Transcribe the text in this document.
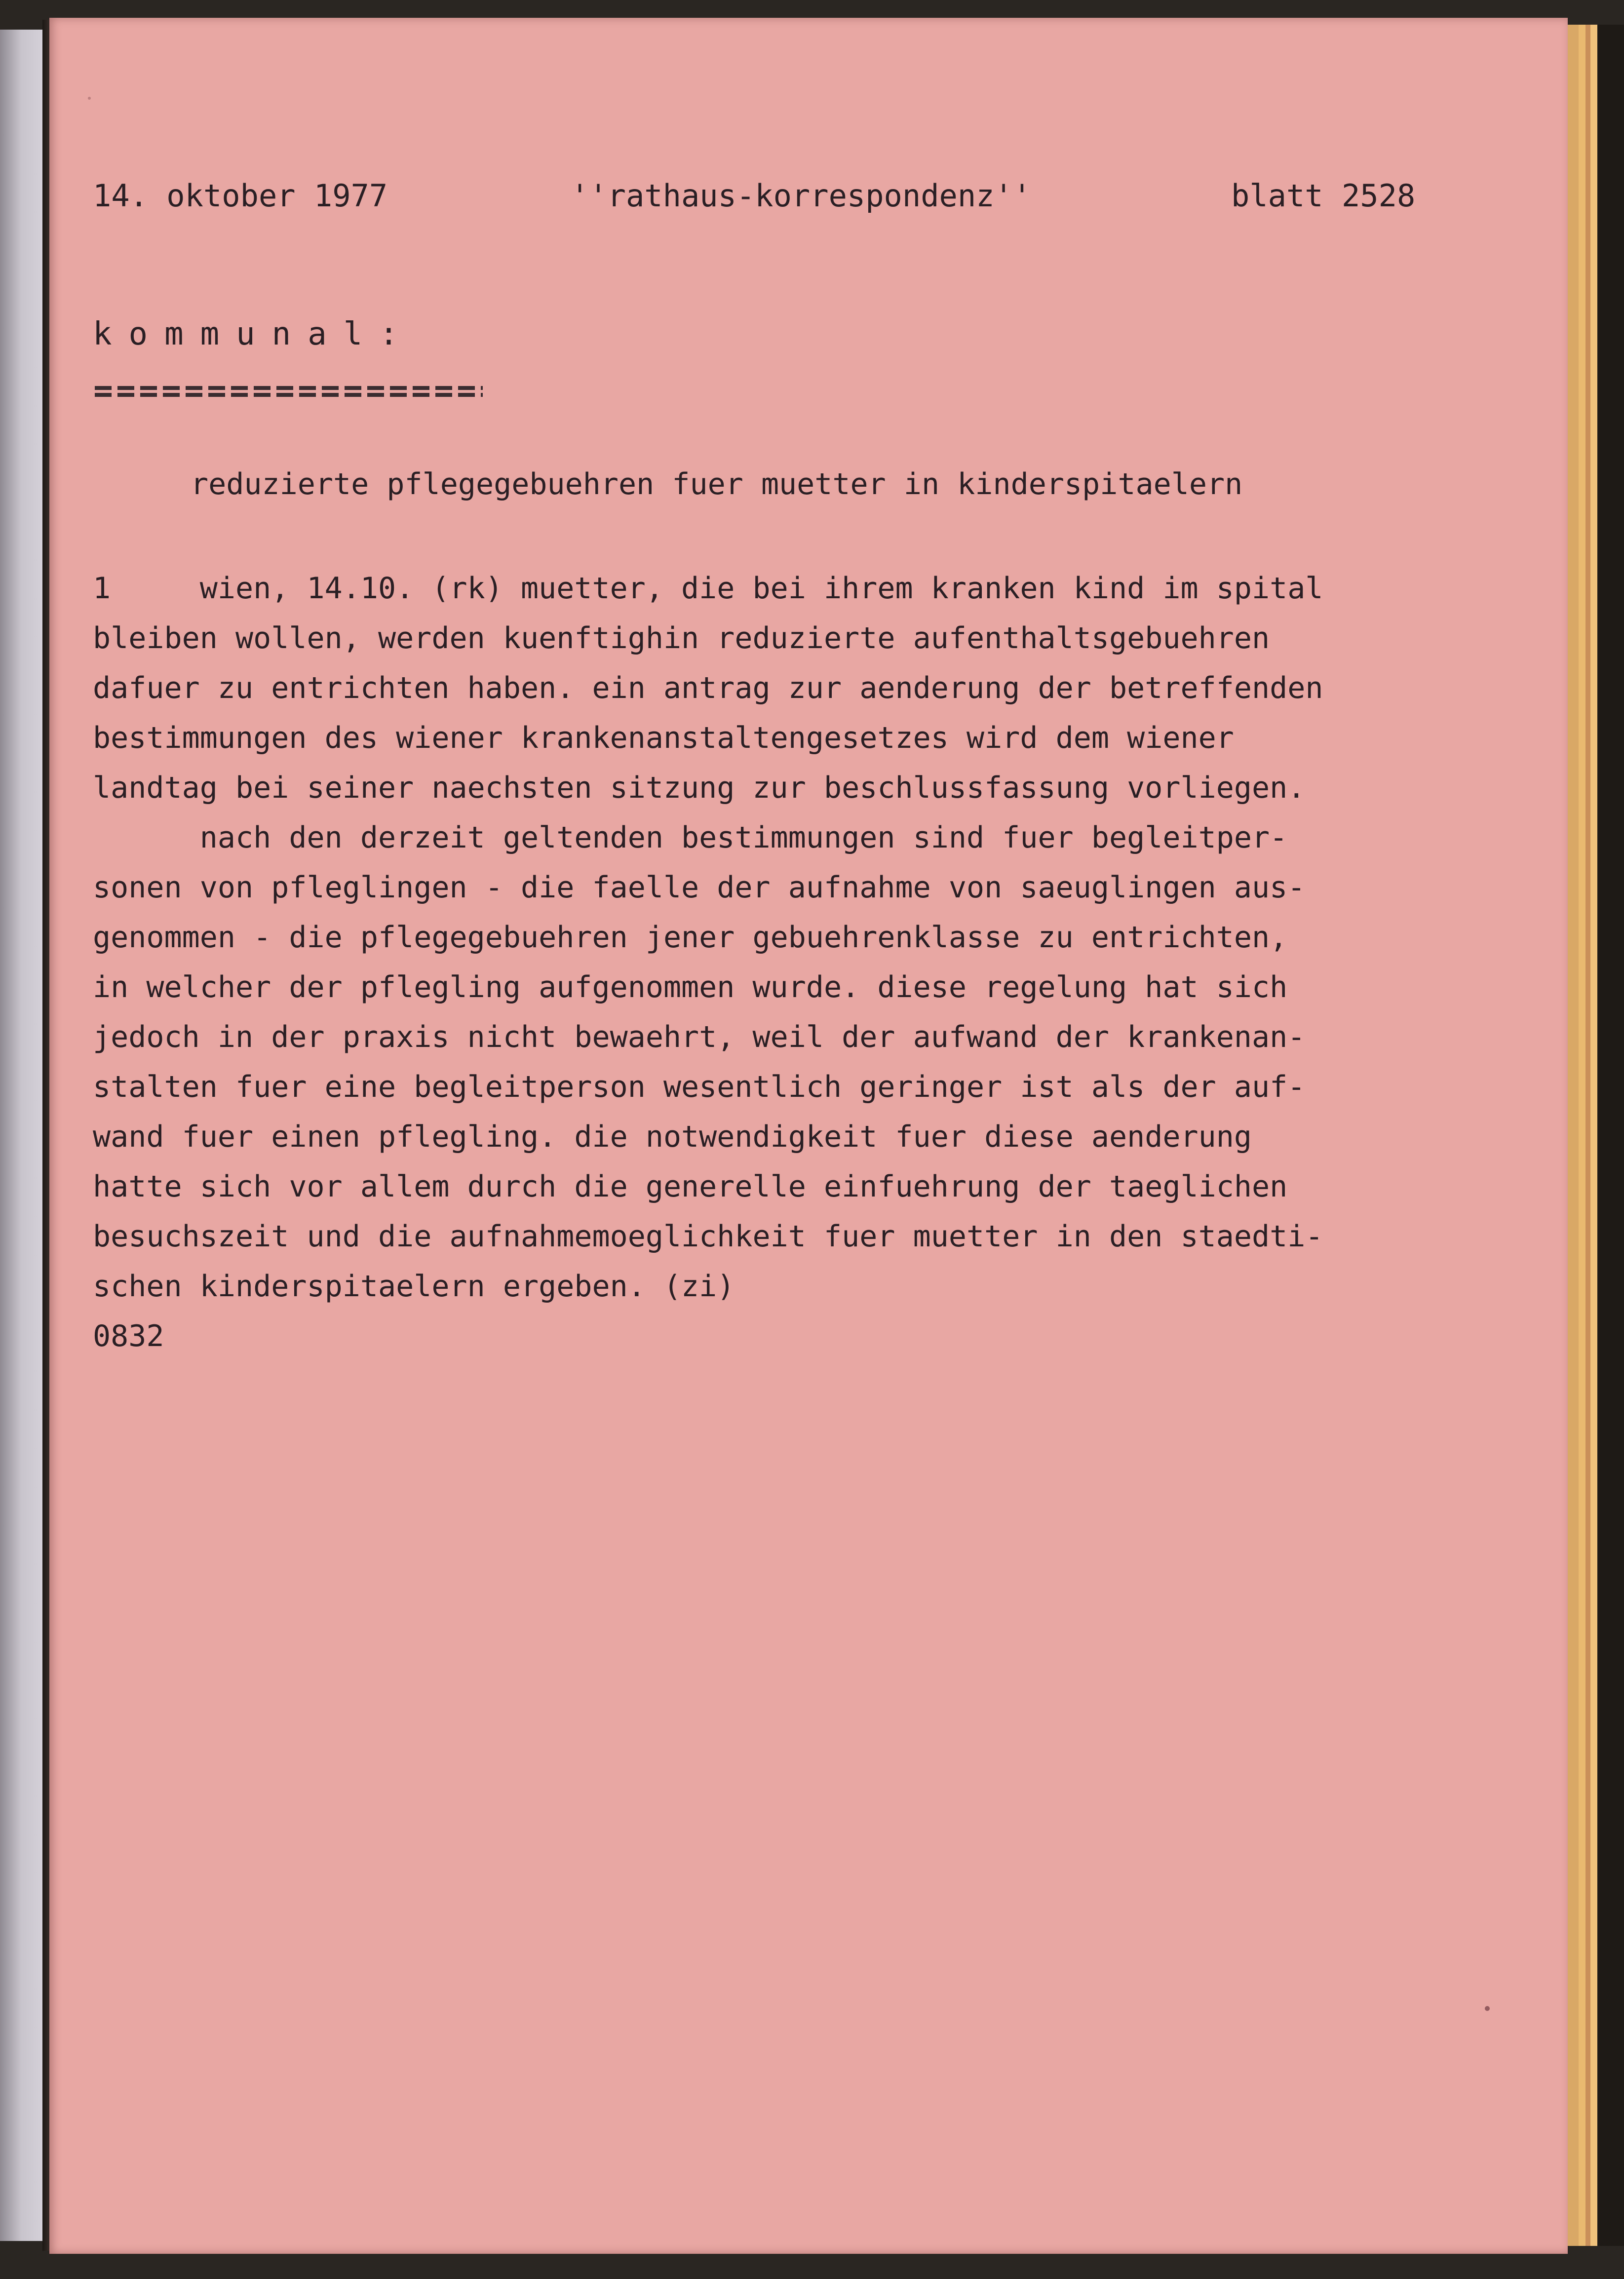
14. oktober 1977	''rathaus-korrespondenz''	blatt 2528
kommunal:
reduzierte pflegegebuehren fuer muetter in kinderspitaelern
1     wien, 14.10. (rk) muetter, die bei ihrem kranken kind im spital
bleiben wollen, werden kuenftighin reduzierte aufenthaltsgebuehren
dafuer zu entrichten haben. ein antrag zur aenderung der betreffenden
bestimmungen des wiener krankenanstaltengesetzes wird dem wiener
landtag bei seiner naechsten sitzung zur beschlussfassung vorliegen.
nach den derzeit geltenden bestimmungen sind fuer begleitper-
sonen von pfleglingen - die faelle der aufnahme von saeuglingen aus-
genommen - die pflegegebuehren jener gebuehrenklasse zu entrichten,
in welcher der pflegling aufgenommen wurde. diese regelung hat sich
jedoch in der praxis nicht bewaehrt, weil der aufwand der krankenan-
stalten fuer eine begleitperson wesentlich geringer ist als der auf-
wand fuer einen pflegling. die notwendigkeit fuer diese aenderung
hatte sich vor allem durch die generelle einfuehrung der taeglichen
besuchszeit und die aufnahmemoeglichkeit fuer muetter in den staedti-
schen kinderspitaelern ergeben. (zi)
0832
